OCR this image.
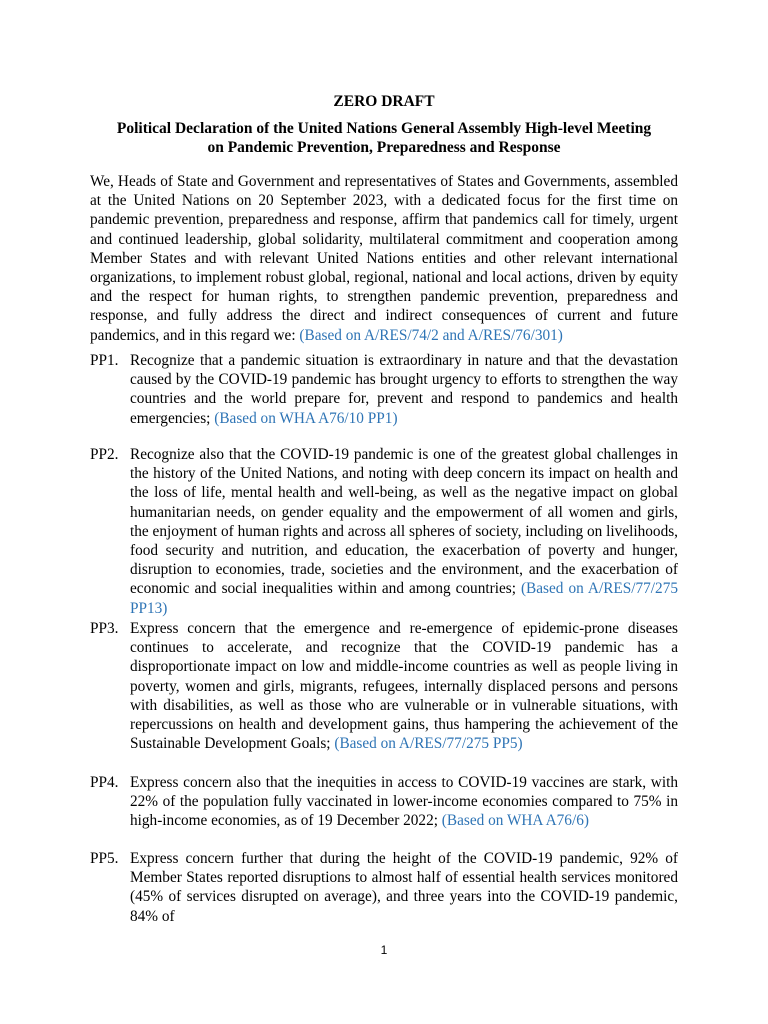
ZERO DRAFT
Political Declaration of the United Nations General Assembly High-level Meeting on Pandemic Prevention, Preparedness and Response
We, Heads of State and Government and representatives of States and Governments, assembled at the United Nations on 20 September 2023, with a dedicated focus for the first time on pandemic prevention, preparedness and response, affirm that pandemics call for timely, urgent and continued leadership, global solidarity, multilateral commitment and cooperation among Member States and with relevant United Nations entities and other relevant international organizations, to implement robust global, regional, national and local actions, driven by equity and the respect for human rights, to strengthen pandemic prevention, preparedness and response, and fully address the direct and indirect consequences of current and future pandemics, and in this regard we: (Based on A/RES/74/2 and A/RES/76/301)
PP1. Recognize that a pandemic situation is extraordinary in nature and that the devastation caused by the COVID-19 pandemic has brought urgency to efforts to strengthen the way countries and the world prepare for, prevent and respond to pandemics and health emergencies; (Based on WHA A76/10 PP1)
PP2. Recognize also that the COVID-19 pandemic is one of the greatest global challenges in the history of the United Nations, and noting with deep concern its impact on health and the loss of life, mental health and well-being, as well as the negative impact on global humanitarian needs, on gender equality and the empowerment of all women and girls, the enjoyment of human rights and across all spheres of society, including on livelihoods, food security and nutrition, and education, the exacerbation of poverty and hunger, disruption to economies, trade, societies and the environment, and the exacerbation of economic and social inequalities within and among countries; (Based on A/RES/77/275 PP13)
PP3. Express concern that the emergence and re-emergence of epidemic-prone diseases continues to accelerate, and recognize that the COVID-19 pandemic has a disproportionate impact on low and middle-income countries as well as people living in poverty, women and girls, migrants, refugees, internally displaced persons and persons with disabilities, as well as those who are vulnerable or in vulnerable situations, with repercussions on health and development gains, thus hampering the achievement of the Sustainable Development Goals; (Based on A/RES/77/275 PP5)
PP4. Express concern also that the inequities in access to COVID-19 vaccines are stark, with 22% of the population fully vaccinated in lower-income economies compared to 75% in high-income economies, as of 19 December 2022; (Based on WHA A76/6)
PP5. Express concern further that during the height of the COVID-19 pandemic, 92% of Member States reported disruptions to almost half of essential health services monitored (45% of services disrupted on average), and three years into the COVID-19 pandemic, 84% of
1
